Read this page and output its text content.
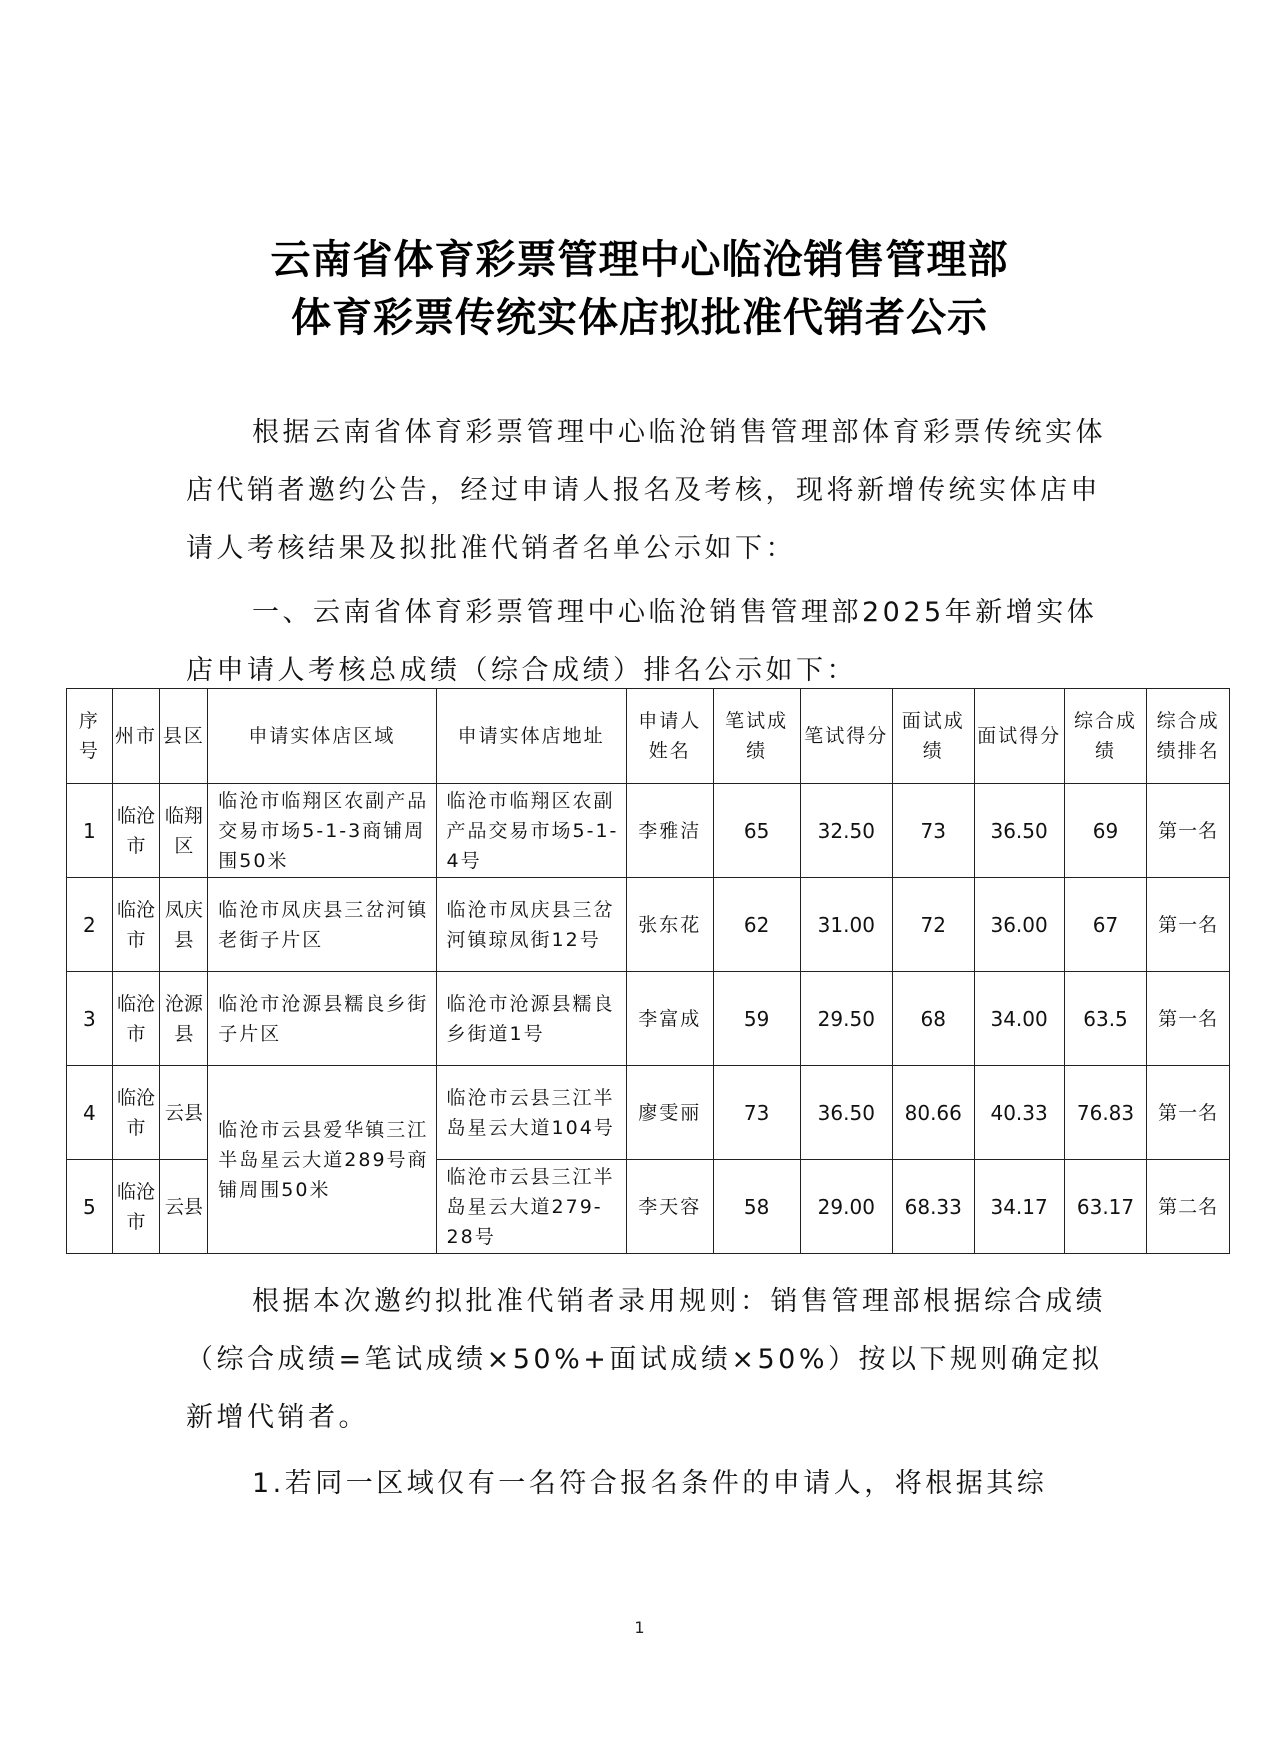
云南省体育彩票管理中心临沧销售管理部
体育彩票传统实体店拟批准代销者公示
根据云南省体育彩票管理中心临沧销售管理部体育彩票传统实体店代销者邀约公告，经过申请人报名及考核，现将新增传统实体店申请人考核结果及拟批准代销者名单公示如下：
一、云南省体育彩票管理中心临沧销售管理部2025年新增实体店申请人考核总成绩（综合成绩）排名公示如下：
序号	州市	县区	申请实体店区域	申请实体店地址	申请人姓名	笔试成绩	笔试得分	面试成绩	面试得分	综合成绩	综合成绩排名
1	临沧市	临翔区	临沧市临翔区农副产品交易市场5-1-3商铺周围50米	临沧市临翔区农副产品交易市场5-1-4号	李雅洁	65	32.50	73	36.50	69	第一名
2	临沧市	凤庆县	临沧市凤庆县三岔河镇老街子片区	临沧市凤庆县三岔河镇琼凤街12号	张东花	62	31.00	72	36.00	67	第一名
3	临沧市	沧源县	临沧市沧源县糯良乡街子片区	临沧市沧源县糯良乡街道1号	李富成	59	29.50	68	34.00	63.5	第一名
4	临沧市	云县	临沧市云县爱华镇三江半岛星云大道289号商铺周围50米	临沧市云县三江半岛星云大道104号	廖雯丽	73	36.50	80.66	40.33	76.83	第一名
5	临沧市	云县		临沧市云县三江半岛星云大道279-28号	李天容	58	29.00	68.33	34.17	63.17	第二名
根据本次邀约拟批准代销者录用规则：销售管理部根据综合成绩（综合成绩=笔试成绩×50%+面试成绩×50%）按以下规则确定拟新增代销者。
1.若同一区域仅有一名符合报名条件的申请人，将根据其综
1
